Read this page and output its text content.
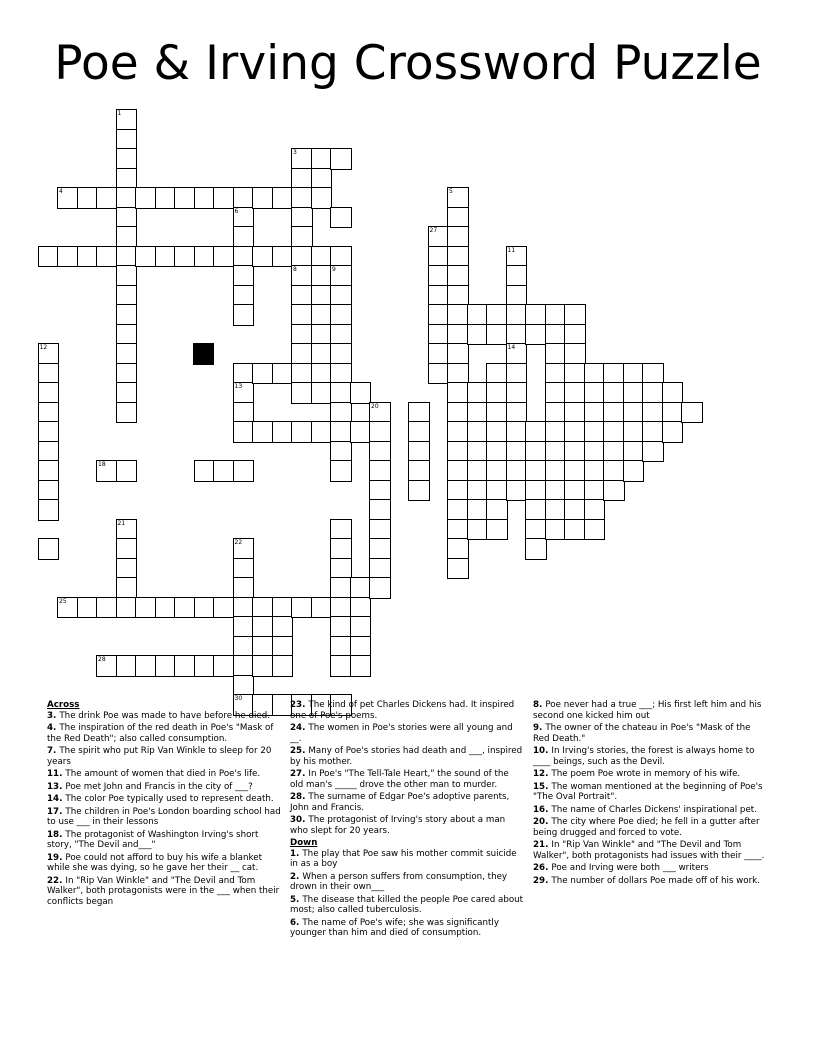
Poe & Irving Crossword Puzzle
12
4
25
18
28
1
21
6
13
22
30
3
8	9
20
27
5
11
14
Across
3. The drink Poe was made to have before he died.
4. The inspiration of the red death in Poe's "Mask of the Red Death"; also called consumption.
7. The spirit who put Rip Van Winkle to sleep for 20 years
11. The amount of women that died in Poe's life.
13. Poe met John and Francis in the city of ___?
14. The color Poe typically used to represent death.
17. The children in Poe's London boarding school had to use ___ in their lessons
18. The protagonist of Washington Irving's short story, "The Devil and___"
19. Poe could not afford to buy his wife a blanket while she was dying, so he gave her their __ cat.
22. In "Rip Van Winkle" and "The Devil and Tom Walker", both protagonists were in the ___ when their conflicts began
23. The kind of pet Charles Dickens had. It inspired one of Poe's poems.
24. The women in Poe's stories were all young and __.
25. Many of Poe's stories had death and ___, inspired by his mother.
27. In Poe's "The Tell-Tale Heart," the sound of the old man's _____ drove the other man to murder.
28. The surname of Edgar Poe's adoptive parents, John and Francis.
30. The protagonist of Irving's story about a man who slept for 20 years.
Down
1. The play that Poe saw his mother commit suicide in as a boy
2. When a person suffers from consumption, they drown in their own___
5. The disease that killed the people Poe cared about most; also called tuberculosis.
6. The name of Poe's wife; she was significantly younger than him and died of consumption.
8. Poe never had a true ___; His first left him and his second one kicked him out
9. The owner of the chateau in Poe's "Mask of the Red Death."
10. In Irving's stories, the forest is always home to ____ beings, such as the Devil.
12. The poem Poe wrote in memory of his wife.
15. The woman mentioned at the beginning of Poe's "The Oval Portrait".
16. The name of Charles Dickens' inspirational pet.
20. The city where Poe died; he fell in a gutter after being drugged and forced to vote.
21. In "Rip Van Winkle" and "The Devil and Tom Walker", both protagonists had issues with their ____.
26. Poe and Irving were both ___ writers
29. The number of dollars Poe made off of his work.
